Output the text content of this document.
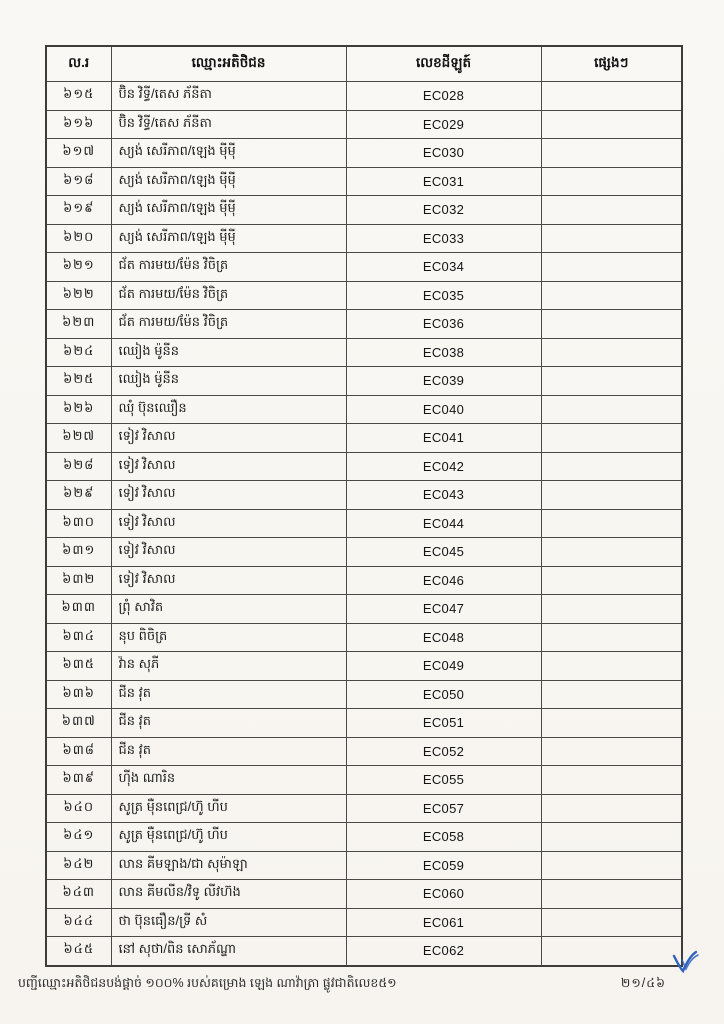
ល.រ	ឈ្មោះអតិថិជន	លេខដីឡូត៍	ផ្សេងៗ
៦១៥	ប៊ិន វិទ្ធី/តេស ភ័នីតា	EC028	
៦១៦	ប៊ិន វិទ្ធី/តេស ភ័នីតា	EC029	
៦១៧	ស្យង់ សេរីភាព/ឡេង ម៉ីម៉ី	EC030	
៦១៨	ស្យង់ សេរីភាព/ឡេង ម៉ីម៉ី	EC031	
៦១៩	ស្យង់ សេរីភាព/ឡេង ម៉ីម៉ី	EC032	
៦២០	ស្យង់ សេរីភាព/ឡេង ម៉ីម៉ី	EC033	
៦២១	ជ័ត ការមយ/ម៉ែន វិចិត្រ	EC034	
៦២២	ជ័ត ការមយ/ម៉ែន វិចិត្រ	EC035	
៦២៣	ជ័ត ការមយ/ម៉ែន វិចិត្រ	EC036	
៦២៤	ឈៀង ម៉ូនីន	EC038	
៦២៥	ឈៀង ម៉ូនីន	EC039	
៦២៦	ឈុំ ប៊ុនឈឿន	EC040	
៦២៧	ទៀវ វិសាល	EC041	
៦២៨	ទៀវ វិសាល	EC042	
៦២៩	ទៀវ វិសាល	EC043	
៦៣០	ទៀវ វិសាល	EC044	
៦៣១	ទៀវ វិសាល	EC045	
៦៣២	ទៀវ វិសាល	EC046	
៦៣៣	ព្រុំ សាវិត	EC047	
៦៣៤	នុប ពិចិត្រ	EC048	
៦៣៥	វ៉ាន សុភី	EC049	
៦៣៦	ជីន វុត	EC050	
៦៣៧	ជីន វុត	EC051	
៦៣៨	ជីន វុត	EC052	
៦៣៩	ហ៊ីង ណារិន	EC055	
៦៤០	សូត្រ ម៉ឺនពេជ្រ/ហ៊ូ ហីប	EC057	
៦៤១	សូត្រ ម៉ឺនពេជ្រ/ហ៊ូ ហីប	EC058	
៦៤២	លាន គីមឡាង/ជា សុម៉ាឡា	EC059	
៦៤៣	លាន គីមលីន/វិទូ លីវហ៊ង	EC060	
៦៤៤	ថា ប៊ុនធឿន/ទ្រី សំ	EC061	
៦៤៥	នៅ សុថា/ពិន សោភ័ណ្ឌា	EC062	
បញ្ជីឈ្មោះអតិថិជនបង់ផ្តាច់ ១០០% របស់គម្រោង ឡេង ណាវ៉ាត្រា ផ្លូវជាតិលេខ៥១	២១/៤៦
